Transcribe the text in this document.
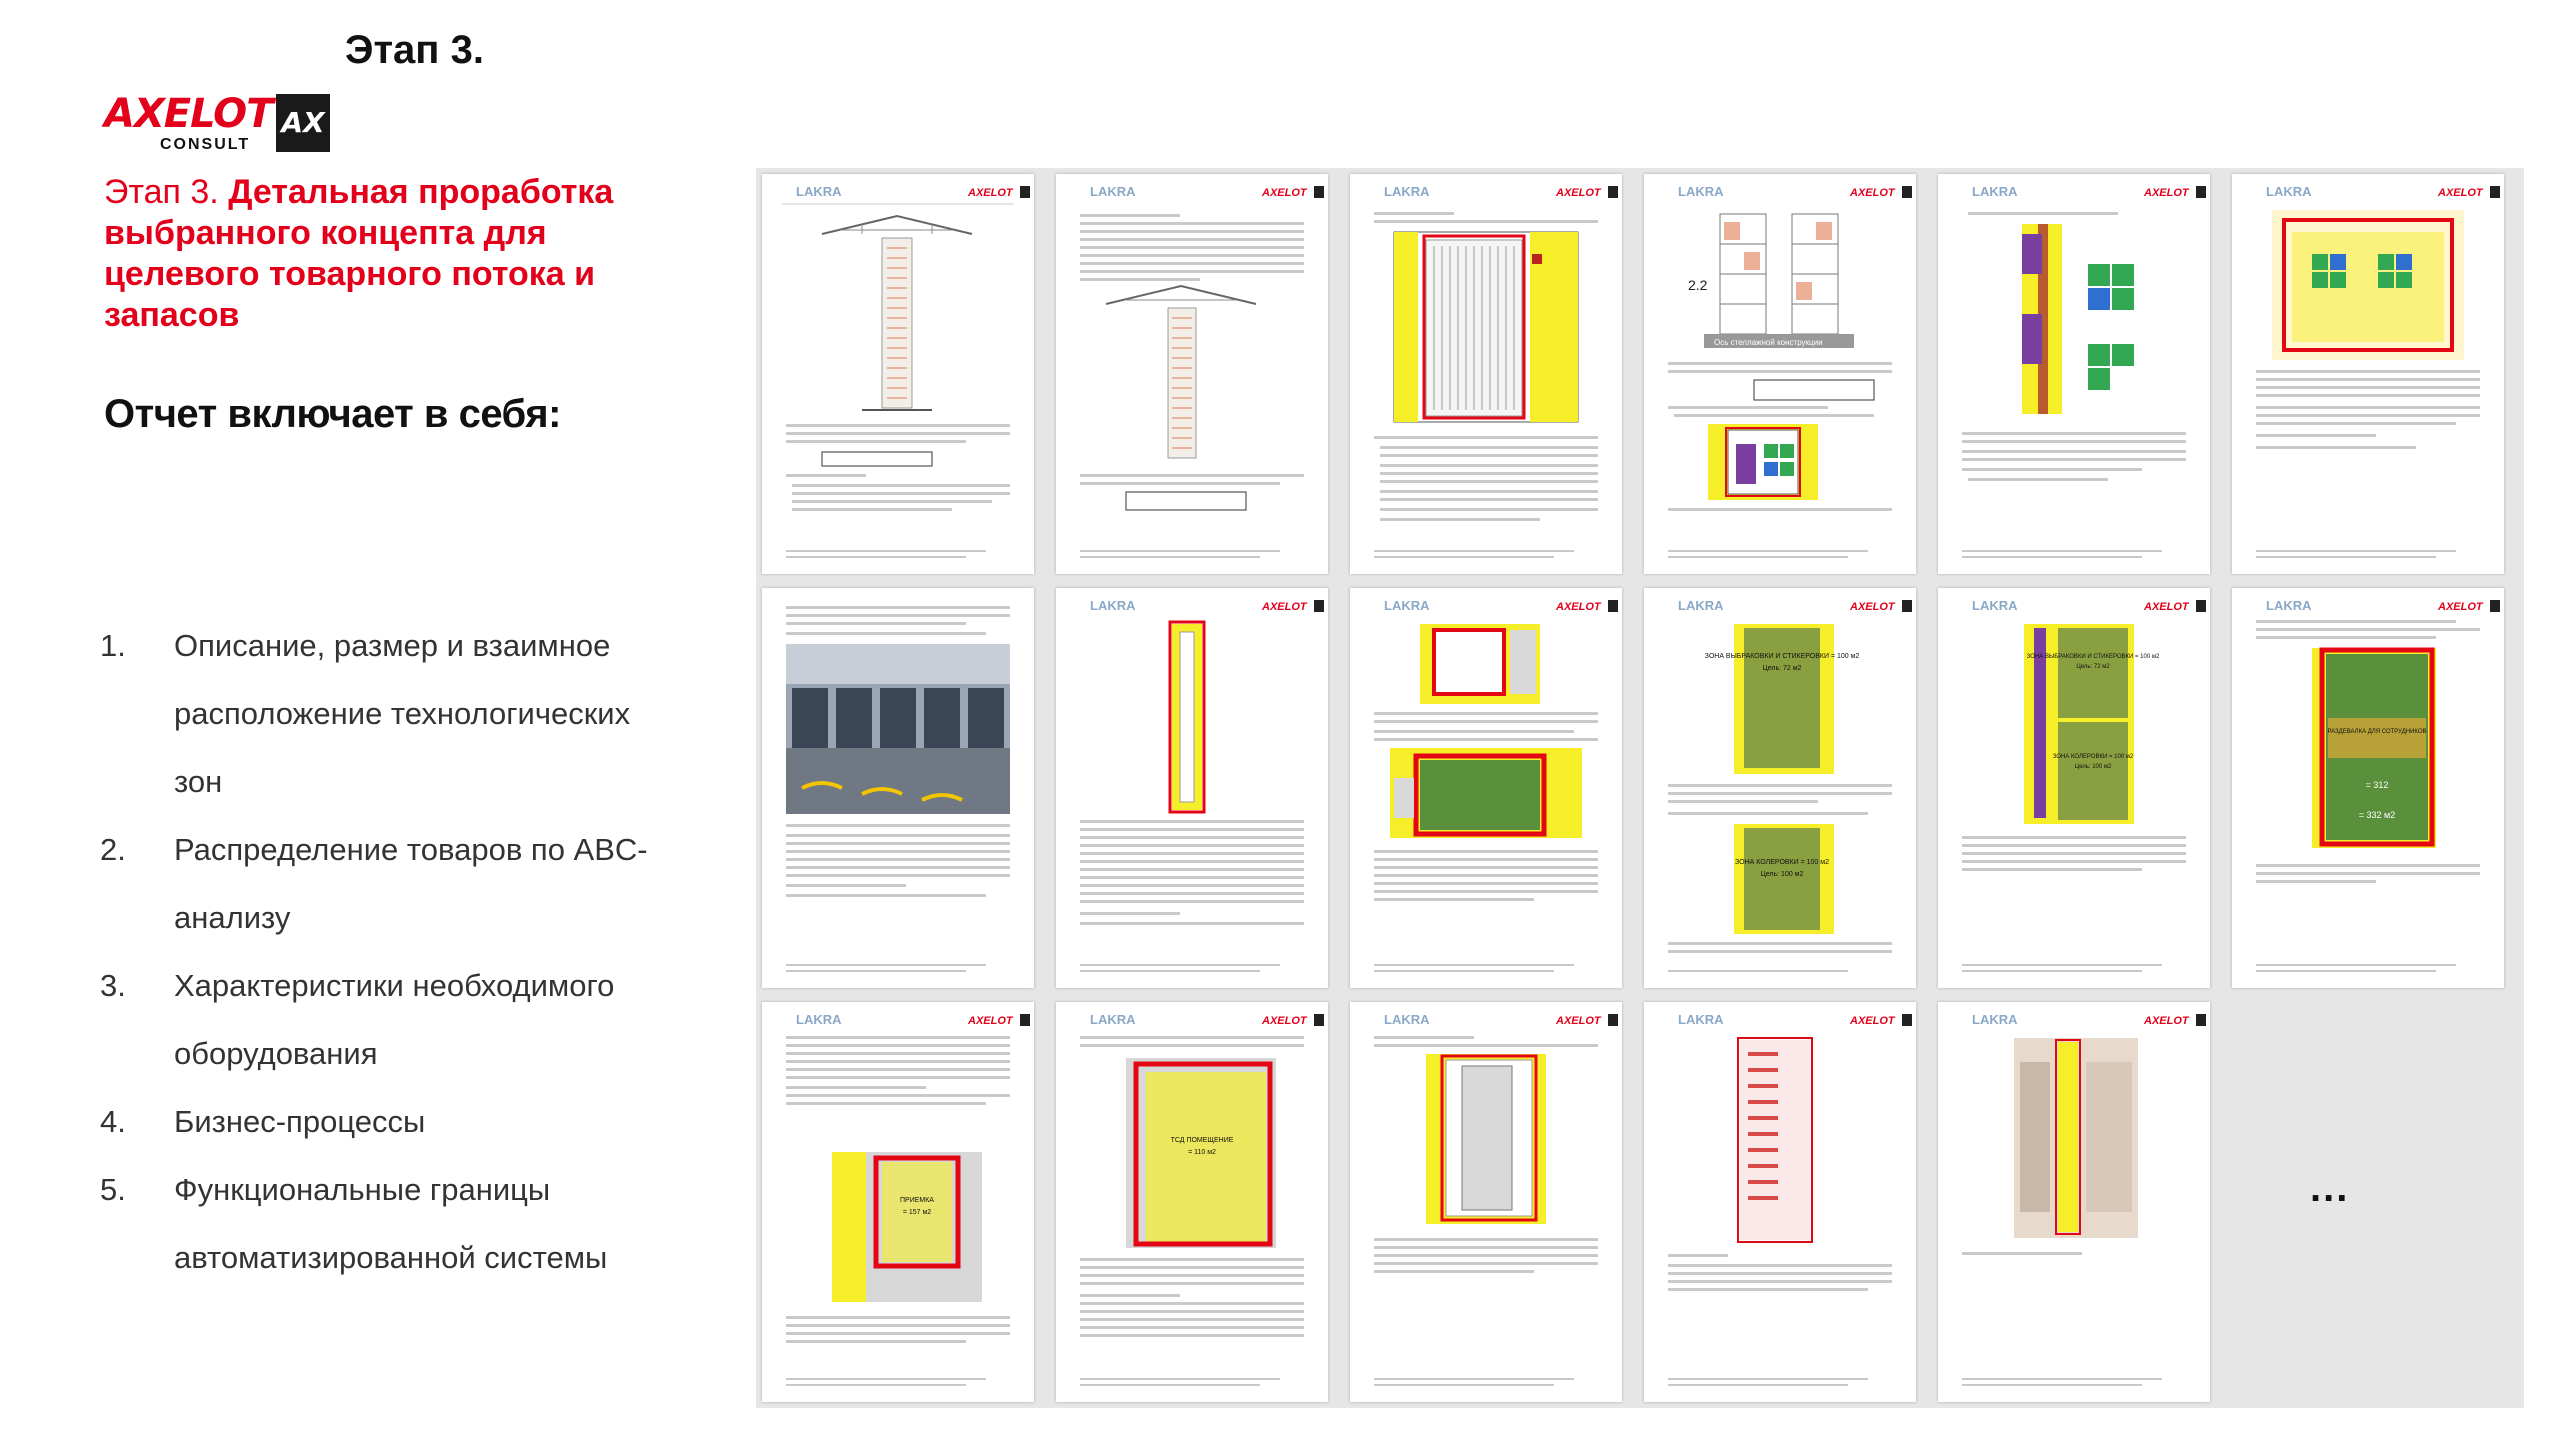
Этап 3.
AXELOT
CONSULT
AX
Этап 3. Детальная проработка выбранного концепта для целевого товарного потока и запасов
Отчет включает в себя:
1. Описание, размер и взаимное расположение технологических зон
2. Распределение товаров по ABC-анализу
3. Характеристики необходимого оборудования
4. Бизнес-процессы
5. Функциональные границы автоматизированной системы
LAKRA	AXELOT	LAKRA	AXELOT	LAKRA	AXELOT	LAKRA	AXELOT
2.2
Ось стеллажной конструкции
LAKRA	AXELOT	LAKRA	AXELOT
LAKRA	AXELOT	LAKRA	AXELOT	LAKRA	AXELOT
ЗОНА ВЫБРАКОВКИ И СТИКЕРОВКИ = 100 м2
Цель: 72 м2
ЗОНА КОЛЕРОВКИ = 100 м2
Цель: 100 м2
LAKRA	AXELOT
ЗОНА ВЫБРАКОВКИ И СТИКЕРОВКИ = 100 м2
Цель: 72 м2
ЗОНА КОЛЕРОВКИ = 100 м2
Цель: 100 м2
LAKRA	AXELOT
РАЗДЕВАЛКА ДЛЯ СОТРУДНИКОВ
= 312
= 332 м2
LAKRA	AXELOT
ПРИЕМКА
= 157 м2
LAKRA	AXELOT
ТСД ПОМЕЩЕНИЕ
= 110 м2
LAKRA	AXELOT	LAKRA	AXELOT	LAKRA	AXELOT
...
